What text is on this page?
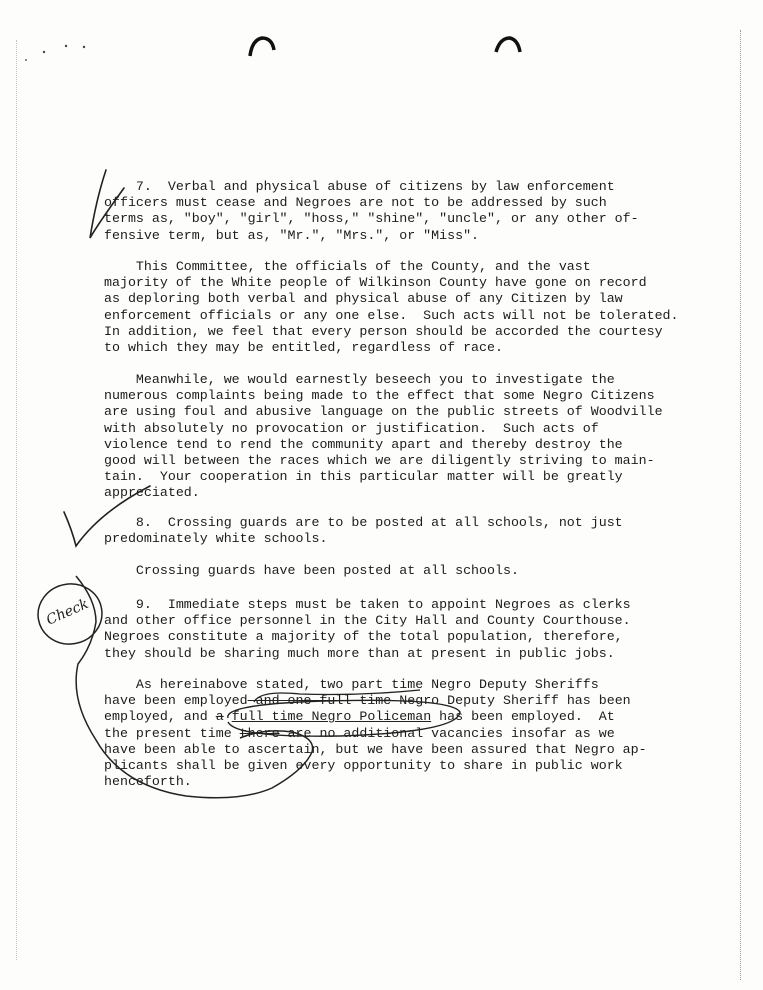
7.  Verbal and physical abuse of citizens by law enforcement
officers must cease and Negroes are not to be addressed by such
terms as, "boy", "girl", "hoss," "shine", "uncle", or any other of-
fensive term, but as, "Mr.", "Mrs.", or "Miss".
This Committee, the officials of the County, and the vast
majority of the White people of Wilkinson County have gone on record
as deploring both verbal and physical abuse of any Citizen by law
enforcement officials or any one else.  Such acts will not be tolerated.
In addition, we feel that every person should be accorded the courtesy
to which they may be entitled, regardless of race.
Meanwhile, we would earnestly beseech you to investigate the
numerous complaints being made to the effect that some Negro Citizens
are using foul and abusive language on the public streets of Woodville
with absolutely no provocation or justification.  Such acts of
violence tend to rend the community apart and thereby destroy the
good will between the races which we are diligently striving to main-
tain.  Your cooperation in this particular matter will be greatly
appreciated.
8.  Crossing guards are to be posted at all schools, not just
predominately white schools.
Crossing guards have been posted at all schools.
9.  Immediate steps must be taken to appoint Negroes as clerks
and other office personnel in the City Hall and County Courthouse.
Negroes constitute a majority of the total population, therefore,
they should be sharing much more than at present in public jobs.
As hereinabove stated, two part time Negro Deputy Sheriffs
have been employed and one full time Negro Deputy Sheriff has been
employed, and a full time Negro Policeman has been employed.  At
the present time there are no additional vacancies insofar as we
have been able to ascertain, but we have been assured that Negro ap-
plicants shall be given every opportunity to share in public work
henceforth.
Check
